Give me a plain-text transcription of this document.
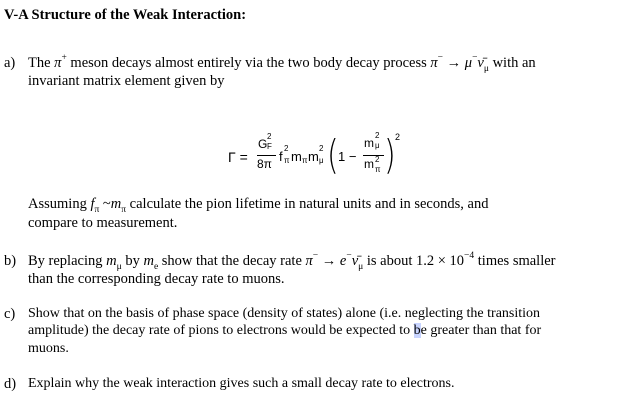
V-A Structure of the Weak Interaction:
a) The π+ meson decays almost entirely via the two body decay process $\pi^- \to \mu^-\nū_\mu$ with an
invariant matrix element given by
Γ =
G
2
F
8π f
2
π m π m
2
μ ( 1 −
m
2
μ
m 2
π ) 2
Assuming $f_\pi$ $\sim m_\pi$ calculate the pion lifetime in natural units and in seconds, and
compare to measurement.
b) By replacing $m_\mu$ by $m_e$ show that the decay rate $\pi^- \to e^-\nū_\mu$ is about $1.2 \times 10^{-4}$ times smaller
than the corresponding decay rate to muons.
c) Show that on the basis of phase space (density of states) alone (i.e. neglecting the transition
amplitude) the decay rate of pions to electrons would be expected to be greater than that for
muons.
d) Explain why the weak interaction gives such a small decay rate to electrons.
